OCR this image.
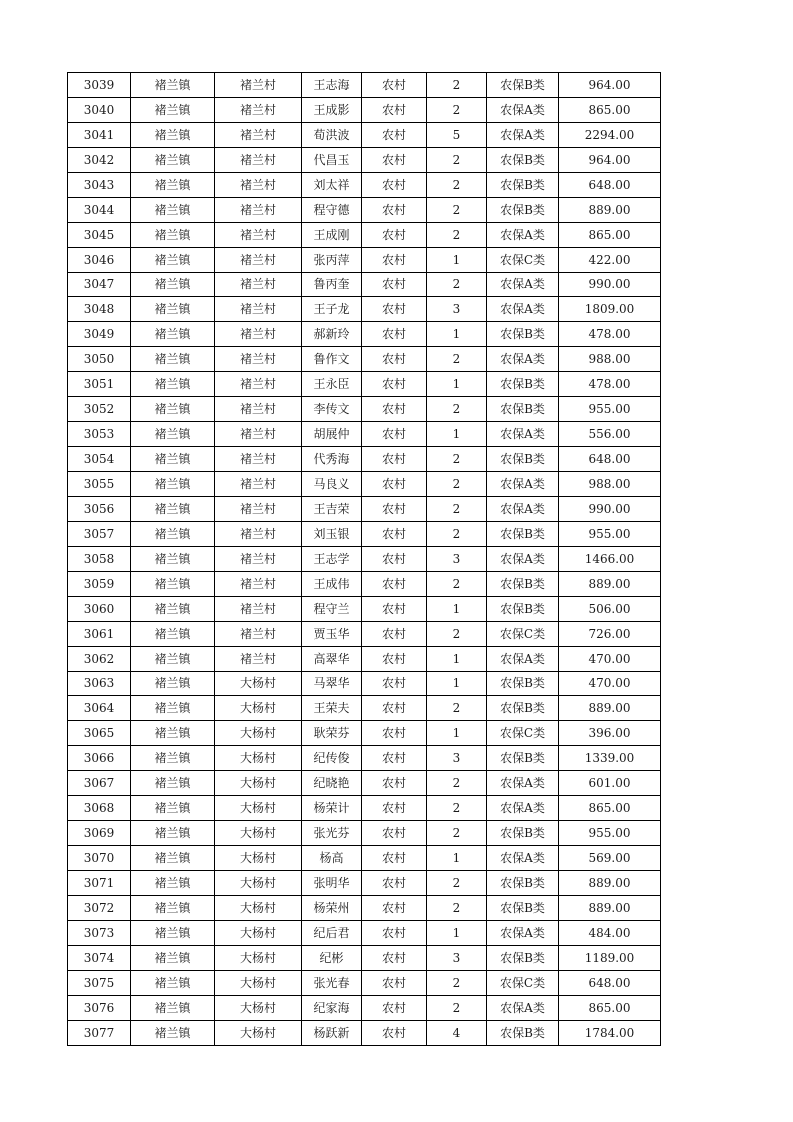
3039	褚兰镇	褚兰村	王志海	农村	2	农保B类	964.00
3040	褚兰镇	褚兰村	王成影	农村	2	农保A类	865.00
3041	褚兰镇	褚兰村	荀洪波	农村	5	农保A类	2294.00
3042	褚兰镇	褚兰村	代昌玉	农村	2	农保B类	964.00
3043	褚兰镇	褚兰村	刘太祥	农村	2	农保B类	648.00
3044	褚兰镇	褚兰村	程守德	农村	2	农保B类	889.00
3045	褚兰镇	褚兰村	王成刚	农村	2	农保A类	865.00
3046	褚兰镇	褚兰村	张丙萍	农村	1	农保C类	422.00
3047	褚兰镇	褚兰村	鲁丙奎	农村	2	农保A类	990.00
3048	褚兰镇	褚兰村	王子龙	农村	3	农保A类	1809.00
3049	褚兰镇	褚兰村	郝新玲	农村	1	农保B类	478.00
3050	褚兰镇	褚兰村	鲁作文	农村	2	农保A类	988.00
3051	褚兰镇	褚兰村	王永臣	农村	1	农保B类	478.00
3052	褚兰镇	褚兰村	李传文	农村	2	农保B类	955.00
3053	褚兰镇	褚兰村	胡展仲	农村	1	农保A类	556.00
3054	褚兰镇	褚兰村	代秀海	农村	2	农保B类	648.00
3055	褚兰镇	褚兰村	马良义	农村	2	农保A类	988.00
3056	褚兰镇	褚兰村	王吉荣	农村	2	农保A类	990.00
3057	褚兰镇	褚兰村	刘玉银	农村	2	农保B类	955.00
3058	褚兰镇	褚兰村	王志学	农村	3	农保A类	1466.00
3059	褚兰镇	褚兰村	王成伟	农村	2	农保B类	889.00
3060	褚兰镇	褚兰村	程守兰	农村	1	农保B类	506.00
3061	褚兰镇	褚兰村	贾玉华	农村	2	农保C类	726.00
3062	褚兰镇	褚兰村	高翠华	农村	1	农保A类	470.00
3063	褚兰镇	大杨村	马翠华	农村	1	农保B类	470.00
3064	褚兰镇	大杨村	王荣夫	农村	2	农保B类	889.00
3065	褚兰镇	大杨村	耿荣芬	农村	1	农保C类	396.00
3066	褚兰镇	大杨村	纪传俊	农村	3	农保B类	1339.00
3067	褚兰镇	大杨村	纪晓艳	农村	2	农保A类	601.00
3068	褚兰镇	大杨村	杨荣计	农村	2	农保A类	865.00
3069	褚兰镇	大杨村	张光芬	农村	2	农保B类	955.00
3070	褚兰镇	大杨村	杨高	农村	1	农保A类	569.00
3071	褚兰镇	大杨村	张明华	农村	2	农保B类	889.00
3072	褚兰镇	大杨村	杨荣州	农村	2	农保B类	889.00
3073	褚兰镇	大杨村	纪后君	农村	1	农保A类	484.00
3074	褚兰镇	大杨村	纪彬	农村	3	农保B类	1189.00
3075	褚兰镇	大杨村	张光春	农村	2	农保C类	648.00
3076	褚兰镇	大杨村	纪家海	农村	2	农保A类	865.00
3077	褚兰镇	大杨村	杨跃新	农村	4	农保B类	1784.00
